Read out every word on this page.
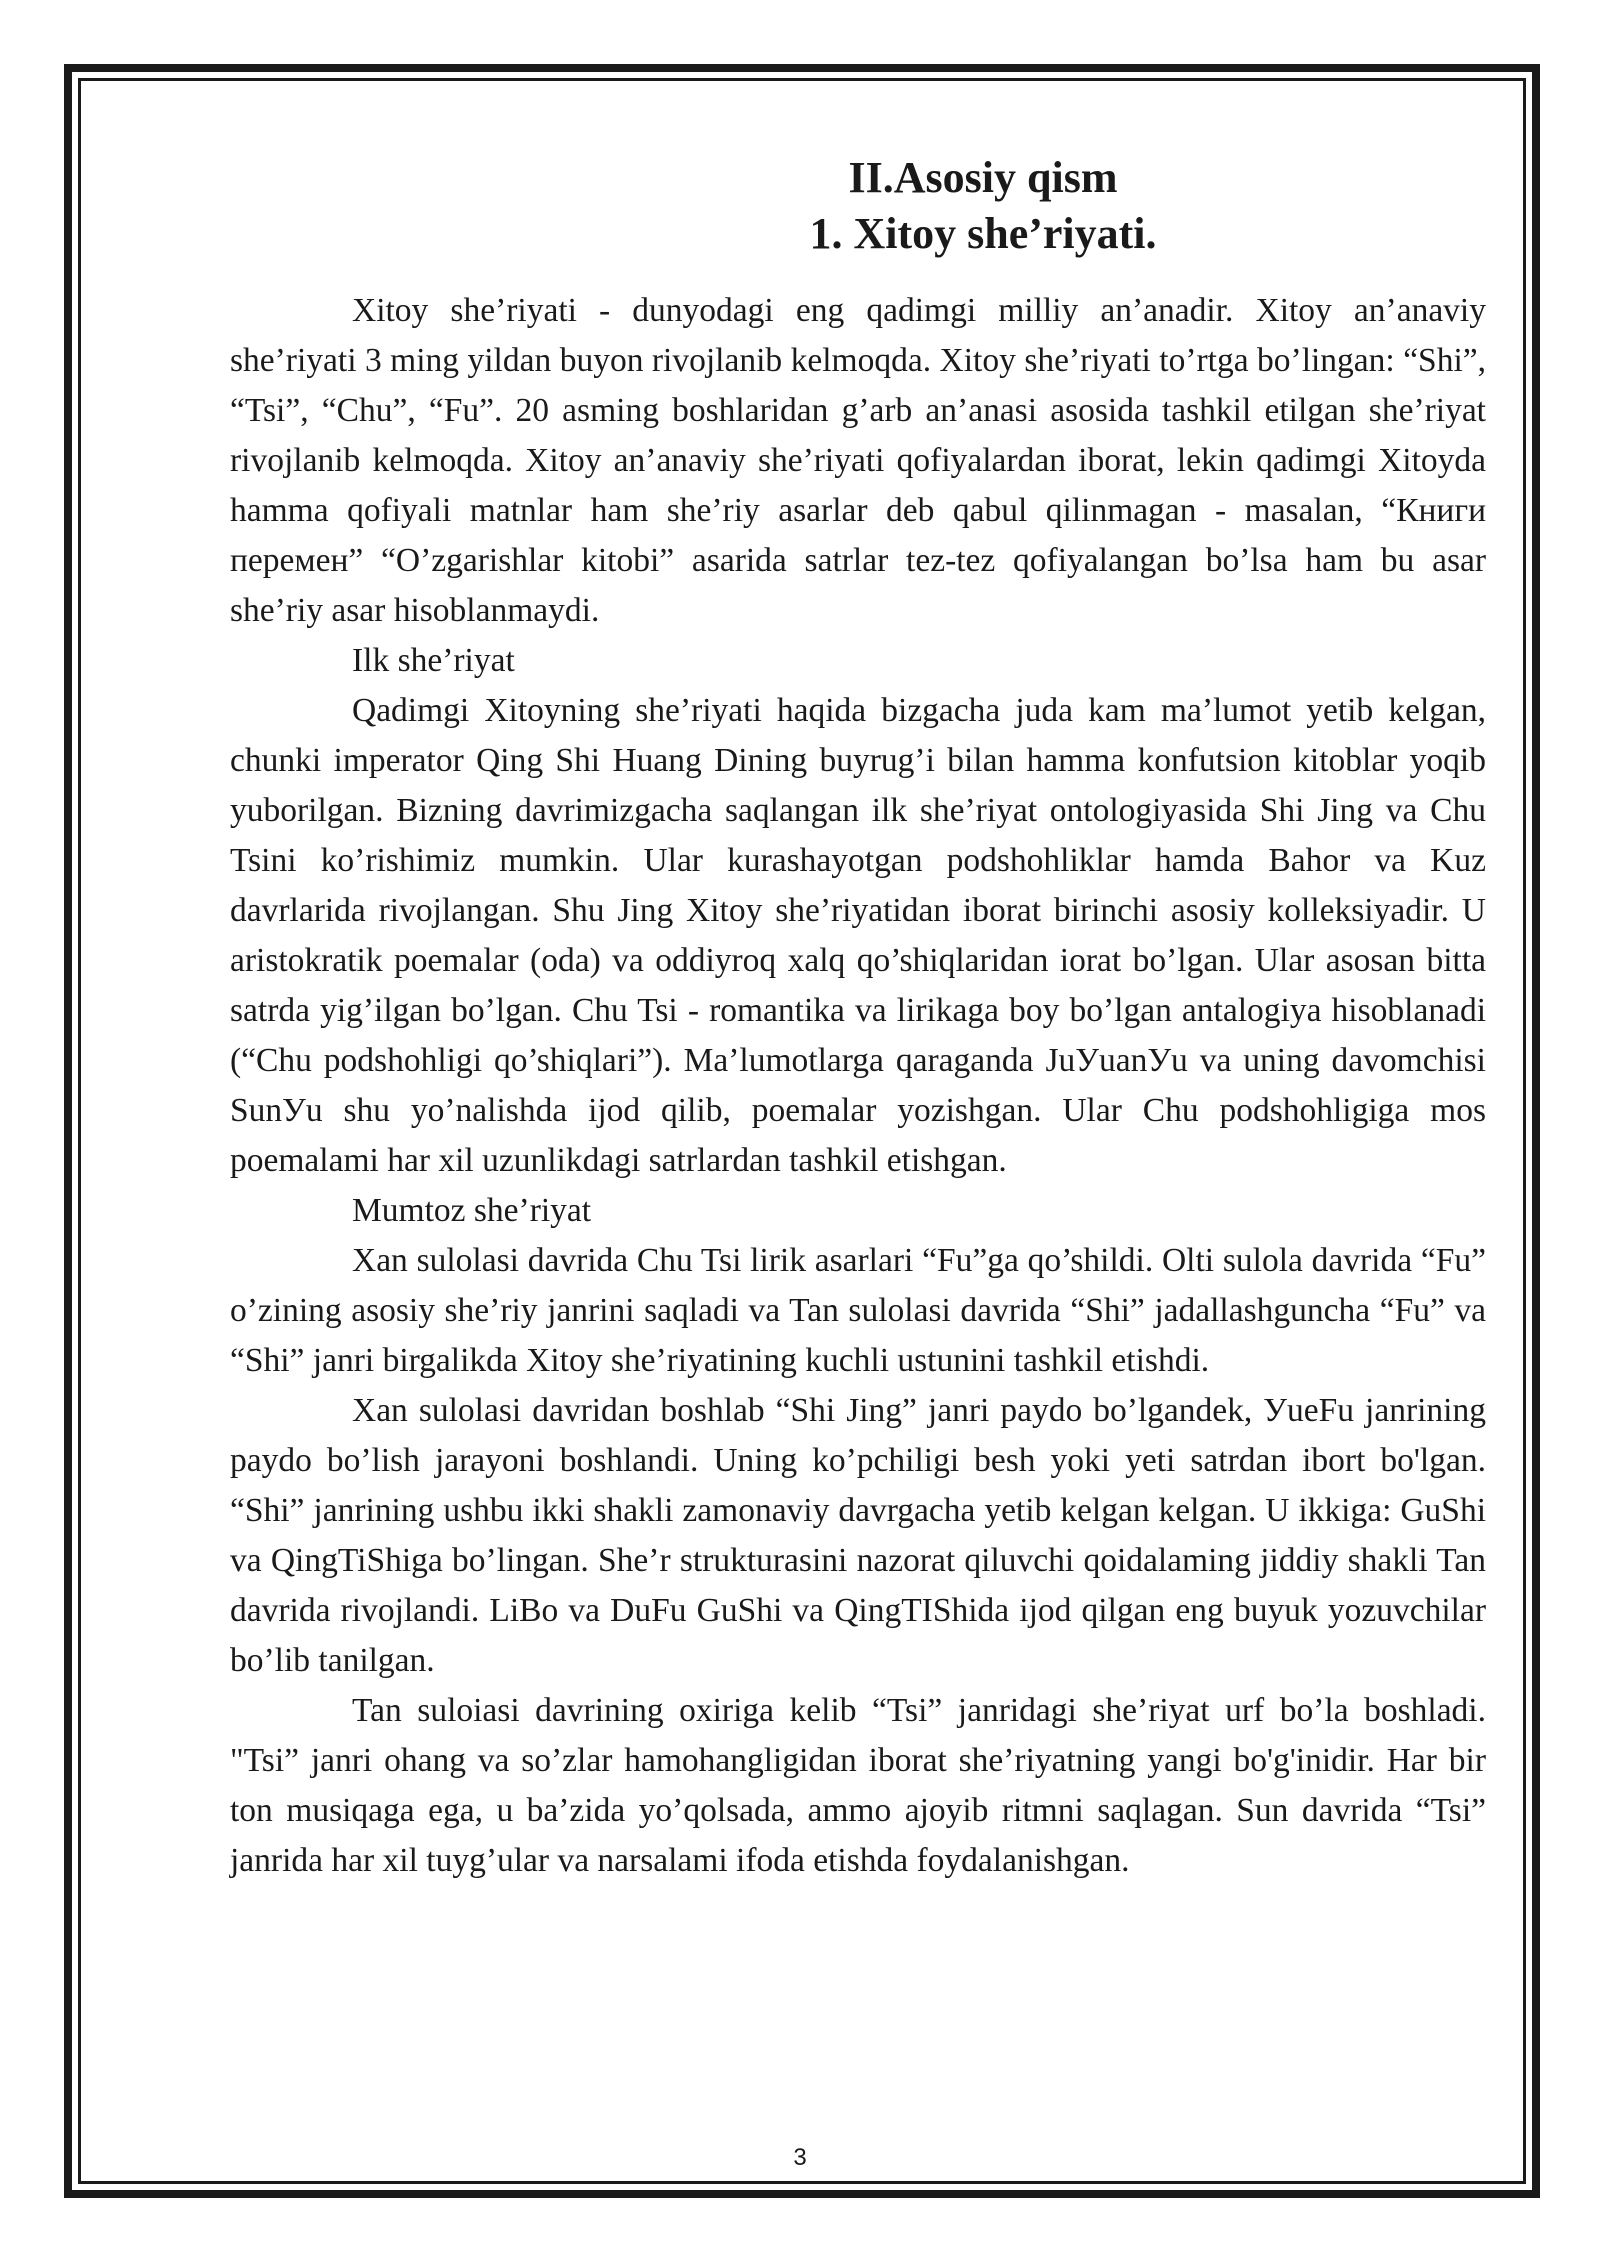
II.Asosiy qism
1. Xitoy she’riyati.

Xitoy she’riyati - dunyodagi eng qadimgi milliy an’anadir. Xitoy an’anaviy she’riyati 3 ming yildan buyon rivojlanib kelmoqda. Xitoy she’riyati to’rtga bo’lingan: “Shi”, “Tsi”, “Chu”, “Fu”. 20 asming boshlaridan g’arb an’anasi asosida tashkil etilgan she’riyat rivojlanib kelmoqda. Xitoy an’anaviy she’riyati qofiyalardan iborat, lekin qadimgi Xitoyda hamma qofiyali matnlar ham she’riy asarlar deb qabul qilinmagan - masalan, “Книги перемен” “O’zgarishlar kitobi” asarida satrlar tez-tez qofiyalangan bo’lsa ham bu asar she’riy asar hisoblanmaydi.

Ilk she’riyat

Qadimgi Xitoyning she’riyati haqida bizgacha juda kam ma’lumot yetib kelgan, chunki imperator Qing Shi Huang Dining buyrug’i bilan hamma konfutsion kitoblar yoqib yuborilgan. Bizning davrimizgacha saqlangan ilk she’riyat ontologiyasida Shi Jing va Chu Tsini ko’rishimiz mumkin. Ular kurashayotgan podshohliklar hamda Bahor va Kuz davrlarida rivojlangan. Shu Jing Xitoy she’riyatidan iborat birinchi asosiy kolleksiyadir. U aristokratik poemalar (oda) va oddiyroq xalq qo’shiqlaridan iorat bo’lgan. Ular asosan bitta satrda yig’ilgan bo’lgan. Chu Tsi - romantika va lirikaga boy bo’lgan antalogiya hisoblanadi (“Chu podshohligi qo’shiqlari”). Ma’lumotlarga qaraganda JuУuanУu va uning davomchisi SunУu shu yo’nalishda ijod qilib, poemalar yozishgan. Ular Chu podshohligiga mos poemalami har xil uzunlikdagi satrlardan tashkil etishgan.

Mumtoz she’riyat

Xan sulolasi davrida Chu Tsi lirik asarlari “Fu”ga qo’shildi. Olti sulola davrida “Fu” o’zining asosiy she’riy janrini saqladi va Tan sulolasi davrida “Shi” jadallashguncha “Fu” va “Shi” janri birgalikda Xitoy she’riyatining kuchli ustunini tashkil etishdi.

Xan sulolasi davridan boshlab “Shi Jing” janri paydo bo’lgandek, УueFu janrining paydo bo’lish jarayoni boshlandi. Uning ko’pchiligi besh yoki yeti satrdan ibort bo'lgan. “Shi” janrining ushbu ikki shakli zamonaviy davrgacha yetib kelgan kelgan. U ikkiga: GuShi va QingTiShiga bo’lingan. She’r strukturasini nazorat qiluvchi qoidalaming jiddiy shakli Tan davrida rivojlandi. LiBo va DuFu GuShi va QingTIShida ijod qilgan eng buyuk yozuvchilar bo’lib tanilgan.

Tan suloiasi davrining oxiriga kelib “Tsi” janridagi she’riyat urf bo’la boshladi. "Tsi” janri ohang va so’zlar hamohangligidan iborat she’riyatning yangi bo'g'inidir. Har bir ton musiqaga ega, u ba’zida yo’qolsada, ammo ajoyib ritmni saqlagan. Sun davrida “Tsi” janrida har xil tuyg’ular va narsalami ifoda etishda foydalanishgan.

3
